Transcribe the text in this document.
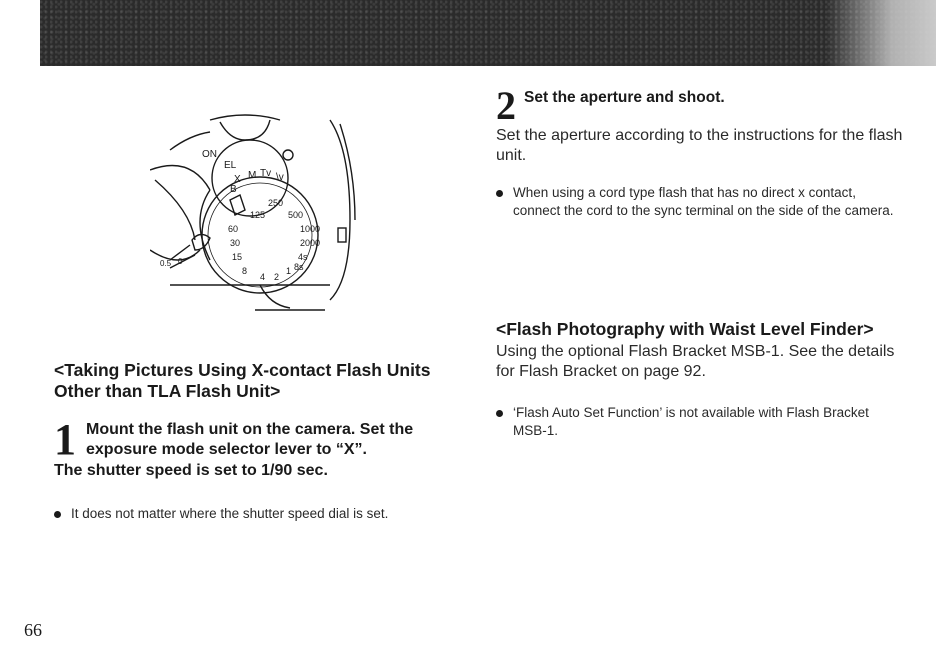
ON
EL
X M Tv \v
B
125
250
500
1000
2000
60
30
15
8
4 2
1
4s
8s
0.5 0
<Taking Pictures Using X-contact Flash Units Other than TLA Flash Unit>
1 Mount the flash unit on the camera. Set the exposure mode selector lever to “X”.
The shutter speed is set to 1/90 sec.
It does not matter where the shutter speed dial is set.
2 Set the aperture and shoot.
Set the aperture according to the instructions for the flash unit.
When using a cord type flash that has no direct x contact, connect the cord to the sync terminal on the side of the camera.
<Flash Photography with Waist Level Finder>
Using the optional Flash Bracket MSB-1. See the details for Flash Bracket on page 92.
‘Flash Auto Set Function’ is not available with Flash Bracket MSB-1.
66
